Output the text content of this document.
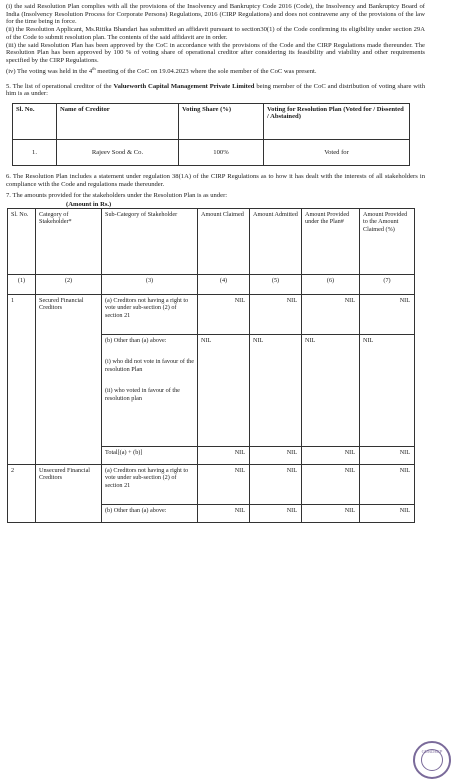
(i) the said Resolution Plan complies with all the provisions of the Insolvency and Bankruptcy Code 2016 (Code), the Insolvency and Bankruptcy Board of India (Insolvency Resolution Process for Corporate Persons) Regulations, 2016 (CIRP Regulations) and does not contravene any of the provisions of the law for the time being in force.

(ii) the Resolution Applicant, Ms.Ritika Bhandari has submitted an affidavit pursuant to section30(1) of the Code confirming its eligibility under section 29A of the Code to submit resolution plan. The contents of the said affidavit are in order.

(iii) the said Resolution Plan has been approved by the CoC in accordance with the provisions of the Code and the CIRP Regulations made thereunder. The Resolution Plan has been approved by 100 % of voting share of operational creditor after considering its feasibility and viability and other requirements specified by the CIRP Regulations.

(iv) The voting was held in the 4th meeting of the CoC on 19.04.2023 where the sole member of the CoC was present.

5. The list of operational creditor of the Valueworth Capital Management Private Limited being member of the CoC and distribution of voting share with him is as under:

Sl. No.	Name of Creditor	Voting Share (%)	Voting for Resolution Plan (Voted for / Dissented / Abstained)
1.	Rajeev Sood & Co.	100%	Voted for

6. The Resolution Plan includes a statement under regulation 38(1A) of the CIRP Regulations as to how it has dealt with the interests of all stakeholders in compliance with the Code and regulations made thereunder.

7. The amounts provided for the stakeholders under the Resolution Plan is as under:

(Amount in Rs.)
Sl. No.	Category of Stakeholder*	Sub-Category of Stakeholder	Amount Claimed	Amount Admitted	Amount Provided under the Plan#	Amount Provided to the Amount Claimed (%)
(1)	(2)	(3)	(4)	(5)	(6)	(7)
1	Secured Financial Creditors	(a) Creditors not having a right to vote under sub-section (2) of section 21	NIL	NIL	NIL	NIL

		(b) Other than (a) above:
(i) who did not vote in favour of the resolution Plan
(ii) who voted in favour of the resolution plan	NIL	NIL	NIL	NIL
		Total[(a) + (b)]	NIL	NIL	NIL	NIL
2	Unsecured Financial Creditors	(a) Creditors not having a right to vote under sub-section (2) of section 21	NIL	NIL	NIL	NIL
		(b) Other than (a) above:	NIL	NIL	NIL	NIL
GURDEEP
